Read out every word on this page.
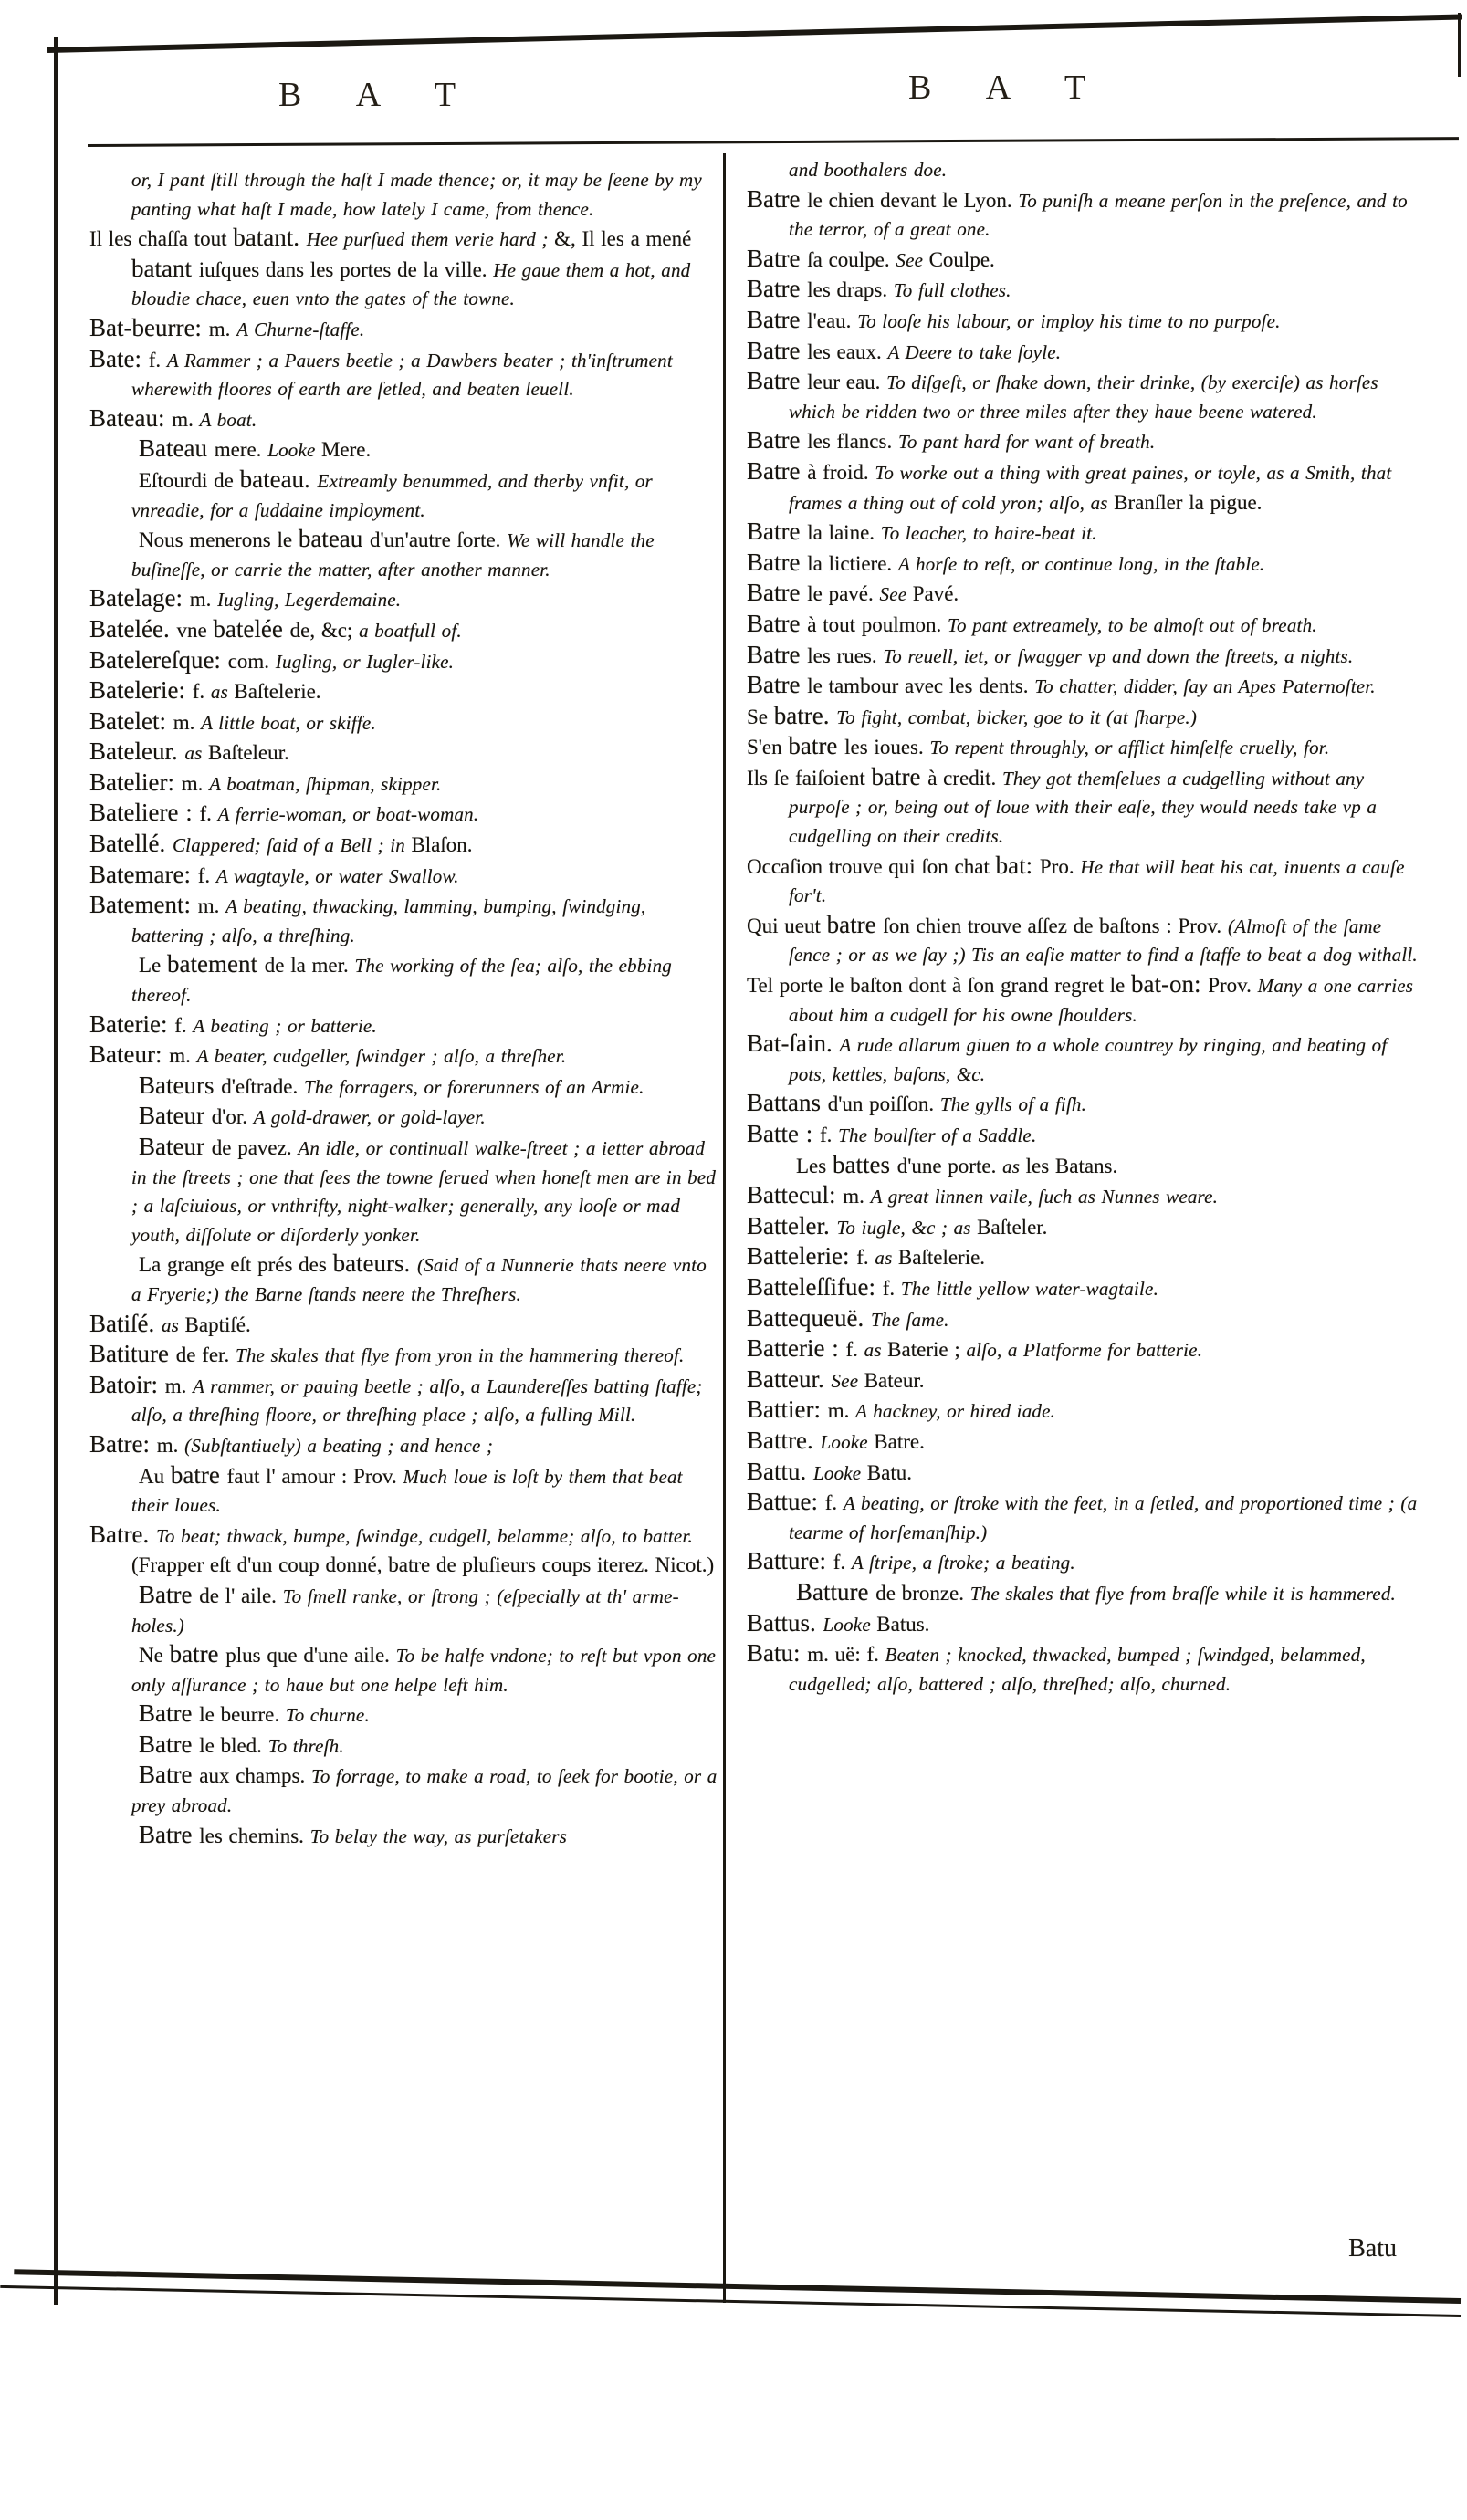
B A T	B A T

or, I pant ſtill through the haſt I made thence; or, it may be ſeene by my panting what haſt I made, how lately I came, from thence.

Il les chaſſa tout batant. Hee purſued them verie hard ; &, Il les a mené batant iuſques dans les portes de la ville. He gaue them a hot, and bloudie chace, euen vnto the gates of the towne.

Bat-beurre: m. A Churne-ſtaffe.

Bate: f. A Rammer ; a Pauers beetle ; a Dawbers beater ; th'inſtrument wherewith floores of earth are ſetled, and beaten leuell.

Bateau: m. A boat.

Bateau mere. Looke Mere.

Eſtourdi de bateau. Extreamly benummed, and therby vnfit, or vnreadie, for a ſuddaine imployment.

Nous menerons le bateau d'un'autre ſorte. We will handle the buſineſſe, or carrie the matter, after another manner.

Batelage: m. Iugling, Legerdemaine.

Batelée. vne batelée de, &c; a boatfull of.

Batelereſque: com. Iugling, or Iugler-like.

Batelerie: f. as Baſtelerie.

Batelet: m. A little boat, or skiffe.

Bateleur. as Baſteleur.

Batelier: m. A boatman, ſhipman, skipper.

Bateliere : f. A ferrie-woman, or boat-woman.

Batellé. Clappered; ſaid of a Bell ; in Blaſon.

Batemare: f. A wagtayle, or water Swallow.

Batement: m. A beating, thwacking, lamming, bumping, ſwindging, battering ; alſo, a threſhing.

Le batement de la mer. The working of the ſea; alſo, the ebbing thereof.

Baterie: f. A beating ; or batterie.

Bateur: m. A beater, cudgeller, ſwindger ; alſo, a threſher.

Bateurs d'eſtrade. The forragers, or forerunners of an Armie.

Bateur d'or. A gold-drawer, or gold-layer.

Bateur de pavez. An idle, or continuall walke-ſtreet ; a ietter abroad in the ſtreets ; one that ſees the towne ſerued when honeſt men are in bed ; a laſciuious, or vnthrifty, night-walker; generally, any looſe or mad youth, diſſolute or diſorderly yonker.

La grange eſt prés des bateurs. (Said of a Nunnerie thats neere vnto a Fryerie;) the Barne ſtands neere the Threſhers.

Batiſé. as Baptiſé.

Batiture de fer. The skales that flye from yron in the hammering thereof.

Batoir: m. A rammer, or pauing beetle ; alſo, a Laundereſſes batting ſtaffe; alſo, a threſhing floore, or threſhing place ; alſo, a fulling Mill.

Batre: m. (Subſtantiuely) a beating ; and hence ;

Au batre faut l' amour : Prov. Much loue is loſt by them that beat their loues.

Batre. To beat; thwack, bumpe, ſwindge, cudgell, belamme; alſo, to batter. (Frapper eſt d'un coup donné, batre de pluſieurs coups iterez. Nicot.)

Batre de l' aile. To ſmell ranke, or ſtrong ; (eſpecially at th' arme-holes.)

Ne batre plus que d'une aile. To be halfe vndone; to reſt but vpon one only aſſurance ; to haue but one helpe left him.

Batre le beurre. To churne.

Batre le bled. To threſh.

Batre aux champs. To forrage, to make a road, to ſeek for bootie, or a prey abroad.

Batre les chemins. To belay the way, as purſetakers

and boothalers doe.

Batre le chien devant le Lyon. To puniſh a meane perſon in the preſence, and to the terror, of a great one.

Batre ſa coulpe. See Coulpe.

Batre les draps. To full clothes.

Batre l'eau. To looſe his labour, or imploy his time to no purpoſe.

Batre les eaux. A Deere to take ſoyle.

Batre leur eau. To diſgeſt, or ſhake down, their drinke, (by exerciſe) as horſes which be ridden two or three miles after they haue beene watered.

Batre les flancs. To pant hard for want of breath.

Batre à froid. To worke out a thing with great paines, or toyle, as a Smith, that frames a thing out of cold yron; alſo, as Branſler la pigue.

Batre la laine. To leacher, to haire-beat it.

Batre la lictiere. A horſe to reſt, or continue long, in the ſtable.

Batre le pavé. See Pavé.

Batre à tout poulmon. To pant extreamely, to be almoſt out of breath.

Batre les rues. To reuell, iet, or ſwagger vp and down the ſtreets, a nights.

Batre le tambour avec les dents. To chatter, didder, ſay an Apes Paternoſter.

Se batre. To fight, combat, bicker, goe to it (at ſharpe.)

S'en batre les ioues. To repent throughly, or afflict himſelfe cruelly, for.

Ils ſe faiſoient batre à credit. They got themſelues a cudgelling without any purpoſe ; or, being out of loue with their eaſe, they would needs take vp a cudgelling on their credits.

Occaſion trouve qui ſon chat bat: Pro. He that will beat his cat, inuents a cauſe for't.

Qui ueut batre ſon chien trouve aſſez de baſtons : Prov. (Almoſt of the ſame ſence ; or as we ſay ;) Tis an eaſie matter to find a ſtaffe to beat a dog withall.

Tel porte le baſton dont à ſon grand regret le bat-on: Prov. Many a one carries about him a cudgell for his owne ſhoulders.

Bat-ſain. A rude allarum giuen to a whole countrey by ringing, and beating of pots, kettles, baſons, &c.

Battans d'un poiſſon. The gylls of a fiſh.

Batte : f. The boulſter of a Saddle.

Les battes d'une porte. as les Batans.

Battecul: m. A great linnen vaile, ſuch as Nunnes weare.

Batteler. To iugle, &c ; as Baſteler.

Battelerie: f. as Baſtelerie.

Batteleſſifue: f. The little yellow water-wagtaile.

Battequeuë. The ſame.

Batterie : f. as Baterie ; alſo, a Platforme for batterie.

Batteur. See Bateur.

Battier: m. A hackney, or hired iade.

Battre. Looke Batre.

Battu. Looke Batu.

Battue: f. A beating, or ſtroke with the feet, in a ſetled, and proportioned time ; (a tearme of horſemanſhip.)

Batture: f. A ſtripe, a ſtroke; a beating.

Batture de bronze. The skales that flye from braſſe while it is hammered.

Battus. Looke Batus.

Batu: m. uë: f. Beaten ; knocked, thwacked, bumped ; ſwindged, belammed, cudgelled; alſo, battered ; alſo, threſhed; alſo, churned.

Batu
